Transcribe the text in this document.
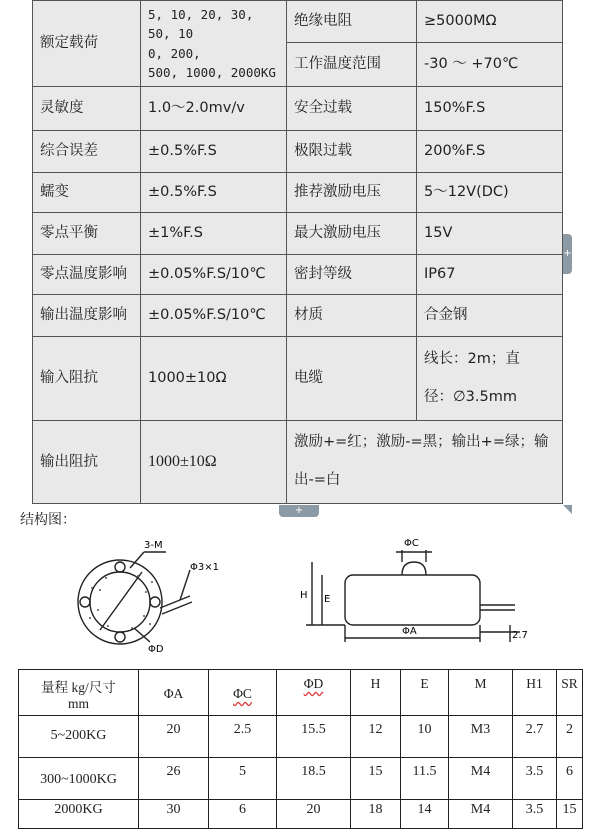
额定载荷	5, 10, 20, 30, 50, 10
0, 200,
500, 1000, 2000KG	绝缘电阻	≥5000MΩ
		工作温度范围	-30 ～ +70℃
灵敏度	1.0～2.0mv/v	安全过载	150%F.S
综合误差	±0.5%F.S	极限过载	200%F.S
蠕变	±0.5%F.S	推荐激励电压	5～12V(DC)
零点平衡	±1%F.S	最大激励电压	15V
零点温度影响	±0.05%F.S/10℃	密封等级	IP67
输出温度影响	±0.05%F.S/10℃	材质	合金钢
输入阻抗	1000±10Ω	电缆	线长：2m；直
径：∅3.5mm

输出阻抗	1000±10Ω	激励+=红；激励-=黑；输出+=绿；输
出-=白	
+
+
结构图：
3-M
Φ3×1
ΦD
ΦC
H E
ΦA	2.7
量程 kg/尺寸
mm	ΦA	ΦC	ΦD	H	E	M	H1	SR
5~200KG	20	2.5	15.5	12	10	M3	2.7	2
300~1000KG	26	5	18.5	15	11.5	M4	3.5	6
2000KG	30	6	20	18	14	M4	3.5	15
